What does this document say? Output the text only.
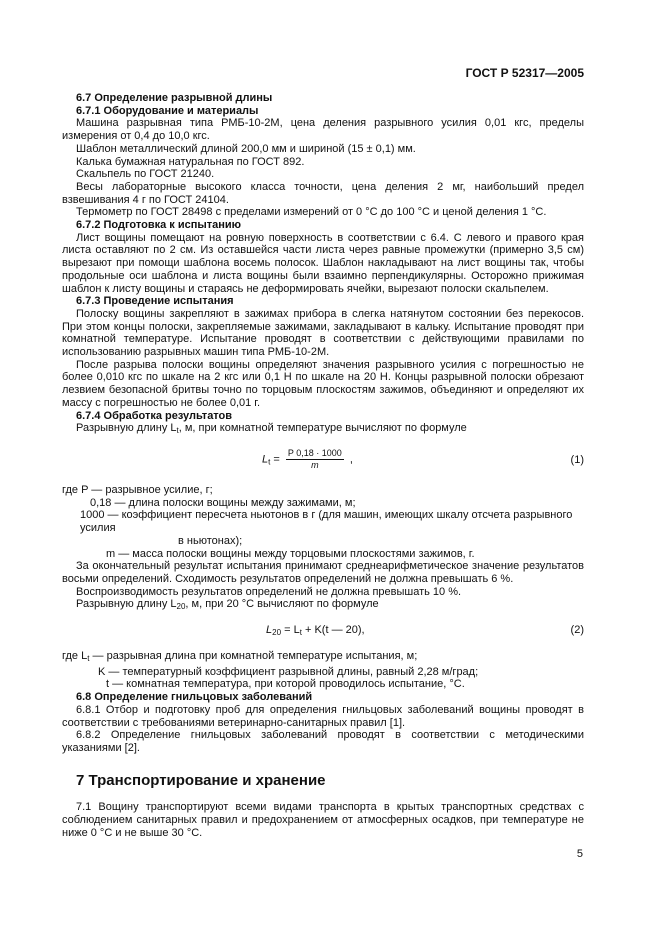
ГОСТ Р 52317—2005

6.7 Определение разрывной длины

6.7.1 Оборудование и материалы

Машина разрывная типа РМБ-10-2М, цена деления разрывного усилия 0,01 кгс, пределы измерения от 0,4 до 10,0 кгс.

Шаблон металлический длиной 200,0 мм и шириной (15 ± 0,1) мм.

Калька бумажная натуральная по ГОСТ 892.

Скальпель по ГОСТ 21240.

Весы лабораторные высокого класса точности, цена деления 2 мг, наибольший предел взвешивания 4 г по ГОСТ 24104.

Термометр по ГОСТ 28498 с пределами измерений от 0 °С до 100 °С и ценой деления 1 °С.

6.7.2 Подготовка к испытанию

Лист вощины помещают на ровную поверхность в соответствии с 6.4. С левого и правого края листа оставляют по 2 см. Из оставшейся части листа через равные промежутки (примерно 3,5 см) вырезают при помощи шаблона восемь полосок. Шаблон накладывают на лист вощины так, чтобы продольные оси шаблона и листа вощины были взаимно перпендикулярны. Осторожно прижимая шаблон к листу вощины и стараясь не деформировать ячейки, вырезают полоски скальпелем.

6.7.3 Проведение испытания

Полоску вощины закрепляют в зажимах прибора в слегка натянутом состоянии без перекосов. При этом концы полоски, закрепляемые зажимами, закладывают в кальку. Испытание проводят при комнатной температуре. Испытание проводят в соответствии с действующими правилами по использованию разрывных машин типа РМБ-10-2М.

После разрыва полоски вощины определяют значения разрывного усилия с погрешностью не более 0,010 кгс по шкале на 2 кгс или 0,1 Н по шкале на 20 Н. Концы разрывной полоски обрезают лезвием безопасной бритвы точно по торцовым плоскостям зажимов, объединяют и определяют их массу с погрешностью не более 0,01 г.

6.7.4 Обработка результатов

Разрывную длину $L_t$, м, при комнатной температуре вычисляют по формуле

$L_t = \frac{P 0,18 \cdot 1000}{m}$ ,	(1)

где P — разрывное усилие, г;

0,18 — длина полоски вощины между зажимами, м;

1000 — коэффициент пересчета ньютонов в г (для машин, имеющих шкалу отсчета разрывного усилия

в ньютонах);

m — масса полоски вощины между торцовыми плоскостями зажимов, г.

За окончательный результат испытания принимают среднеарифметическое значение результатов восьми определений. Сходимость результатов определений не должна превышать 6 %.

Воспроизводимость результатов определений не должна превышать 10 %.

Разрывную длину $L_{20}$, м, при 20 °С вычисляют по формуле

$L_{20} = L_t + K(t$ — 20),	(2)

где $L_t$ — разрывная длина при комнатной температуре испытания, м;

K — температурный коэффициент разрывной длины, равный 2,28 м/град;

t — комнатная температура, при которой проводилось испытание, °С.

6.8 Определение гнильцовых заболеваний

6.8.1 Отбор и подготовку проб для определения гнильцовых заболеваний вощины проводят в соответствии с требованиями ветеринарно-санитарных правил [1].

6.8.2 Определение гнильцовых заболеваний проводят в соответствии с методическими указаниями [2].

7 Транспортирование и хранение

7.1 Вощину транспортируют всеми видами транспорта в крытых транспортных средствах с соблюдением санитарных правил и предохранением от атмосферных осадков, при температуре не ниже 0 °С и не выше 30 °С.

5
